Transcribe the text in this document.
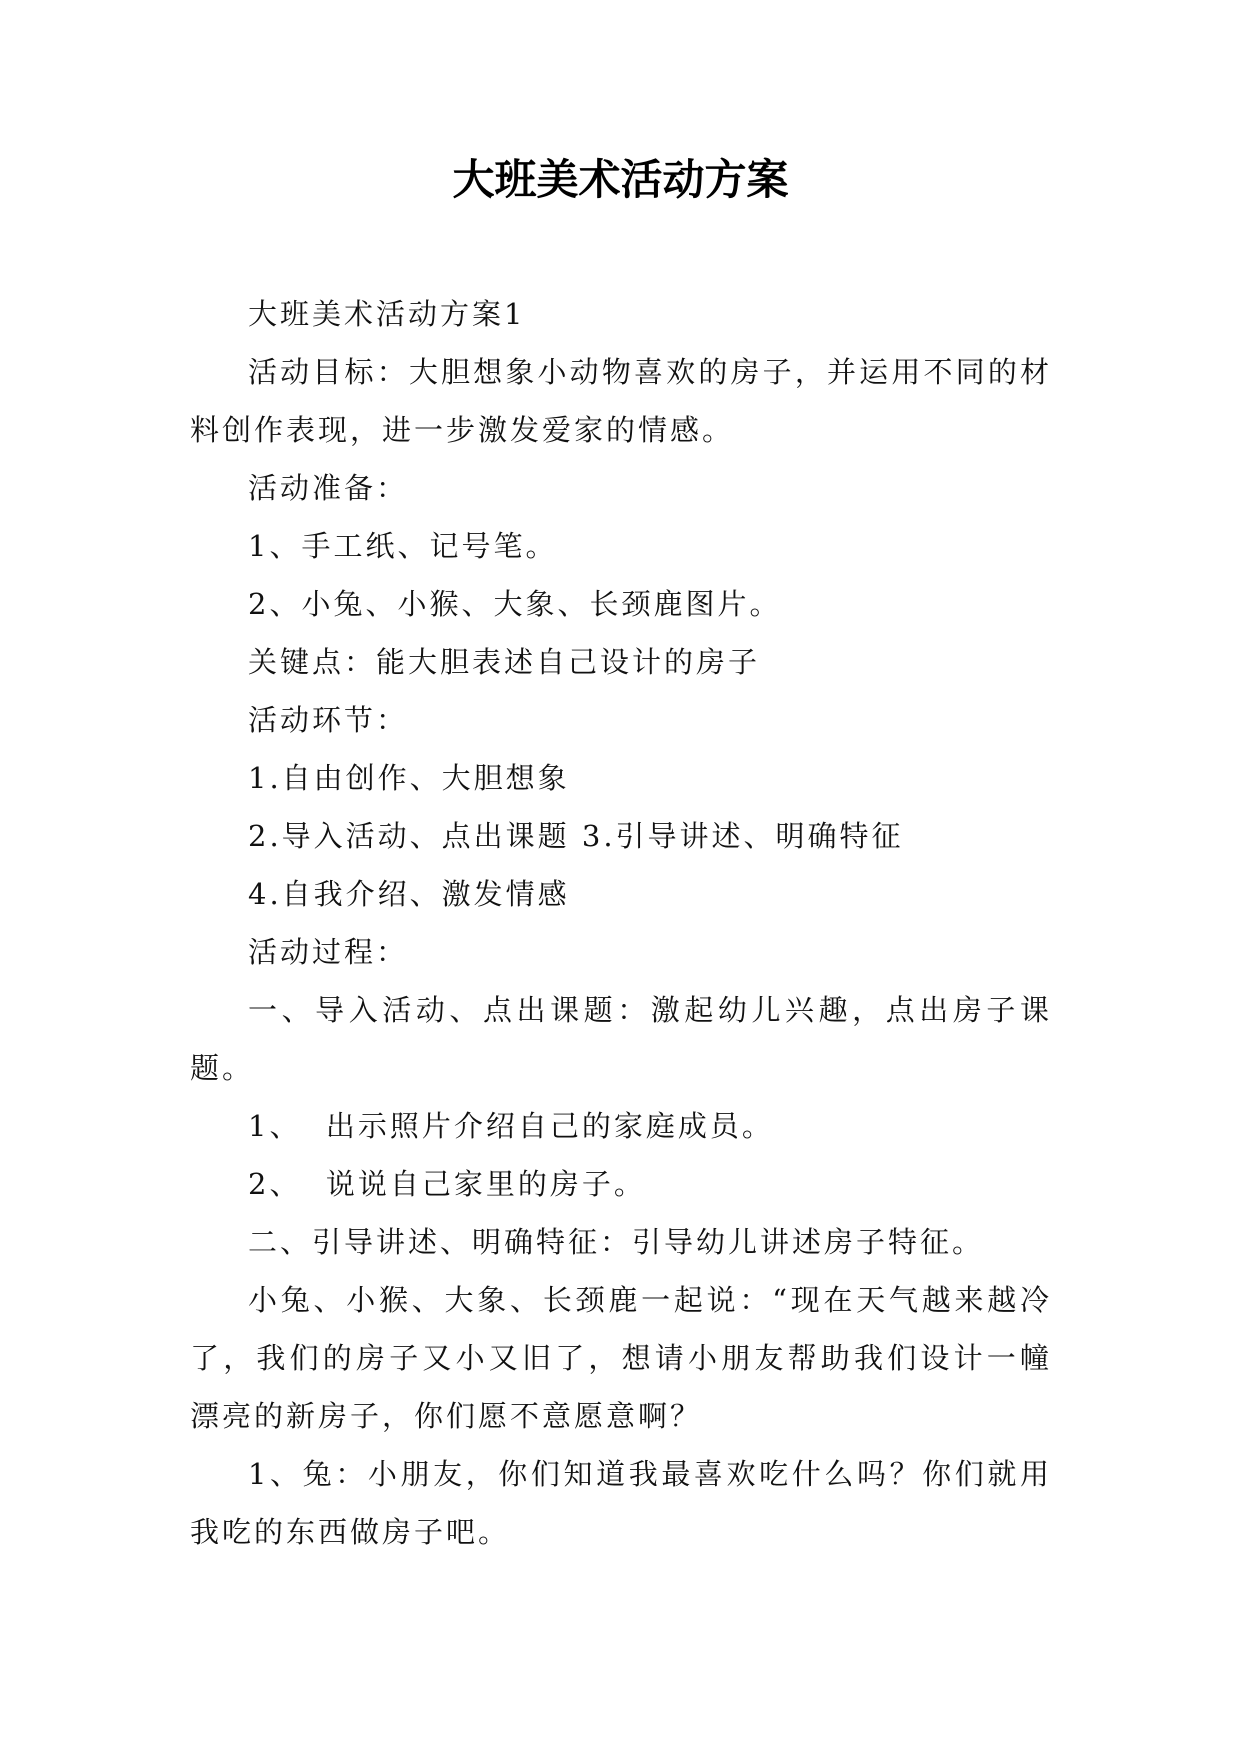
大班美术活动方案

大班美术活动方案1

活动目标：大胆想象小动物喜欢的房子，并运用不同的材料创作表现，进一步激发爱家的情感。

活动准备：

1、手工纸、记号笔。

2、小兔、小猴、大象、长颈鹿图片。

关键点：能大胆表述自己设计的房子

活动环节：

1.自由创作、大胆想象

2.导入活动、点出课题 3.引导讲述、明确特征

4.自我介绍、激发情感

活动过程：

一、导入活动、点出课题：激起幼儿兴趣，点出房子课题。

1、  出示照片介绍自己的家庭成员。

2、  说说自己家里的房子。

二、引导讲述、明确特征：引导幼儿讲述房子特征。

小兔、小猴、大象、长颈鹿一起说：“现在天气越来越冷了，我们的房子又小又旧了，想请小朋友帮助我们设计一幢漂亮的新房子，你们愿不意愿意啊？

1、兔：小朋友，你们知道我最喜欢吃什么吗？你们就用我吃的东西做房子吧。
